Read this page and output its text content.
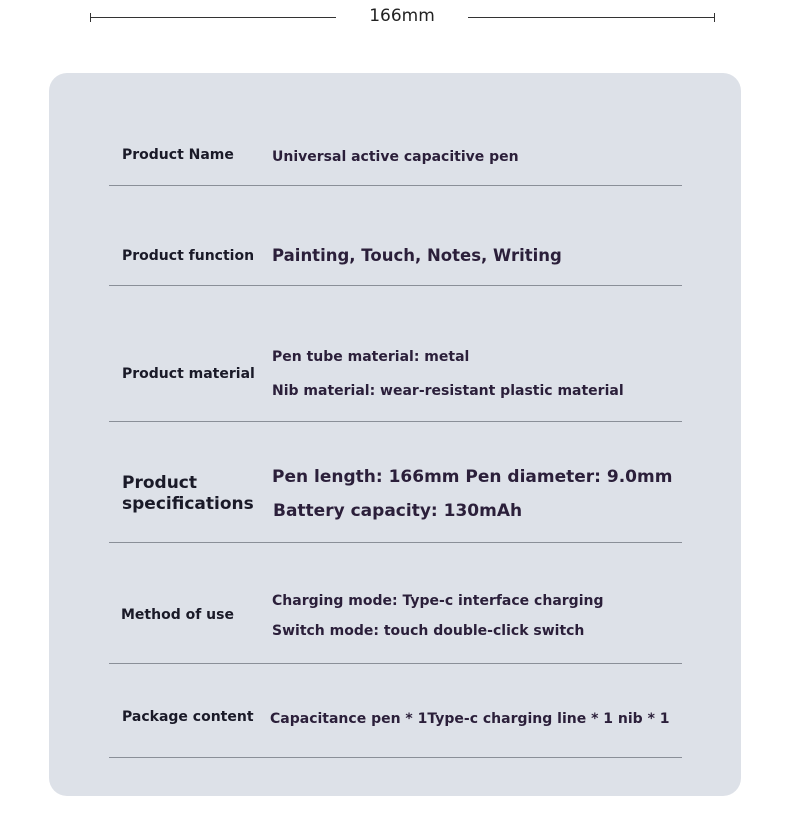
166mm
Product Name	Universal active capacitive pen
Product function Painting, Touch, Notes, Writing
Product material
Pen tube material: metal
Nib material: wear-resistant plastic material
Product specifications
Pen length: 166mm Pen diameter: 9.0mm
Battery capacity: 130mAh
Method of use
Charging mode: Type-c interface charging
Switch mode: touch double-click switch
Package content Capacitance pen * 1Type-c charging line * 1 nib * 1
